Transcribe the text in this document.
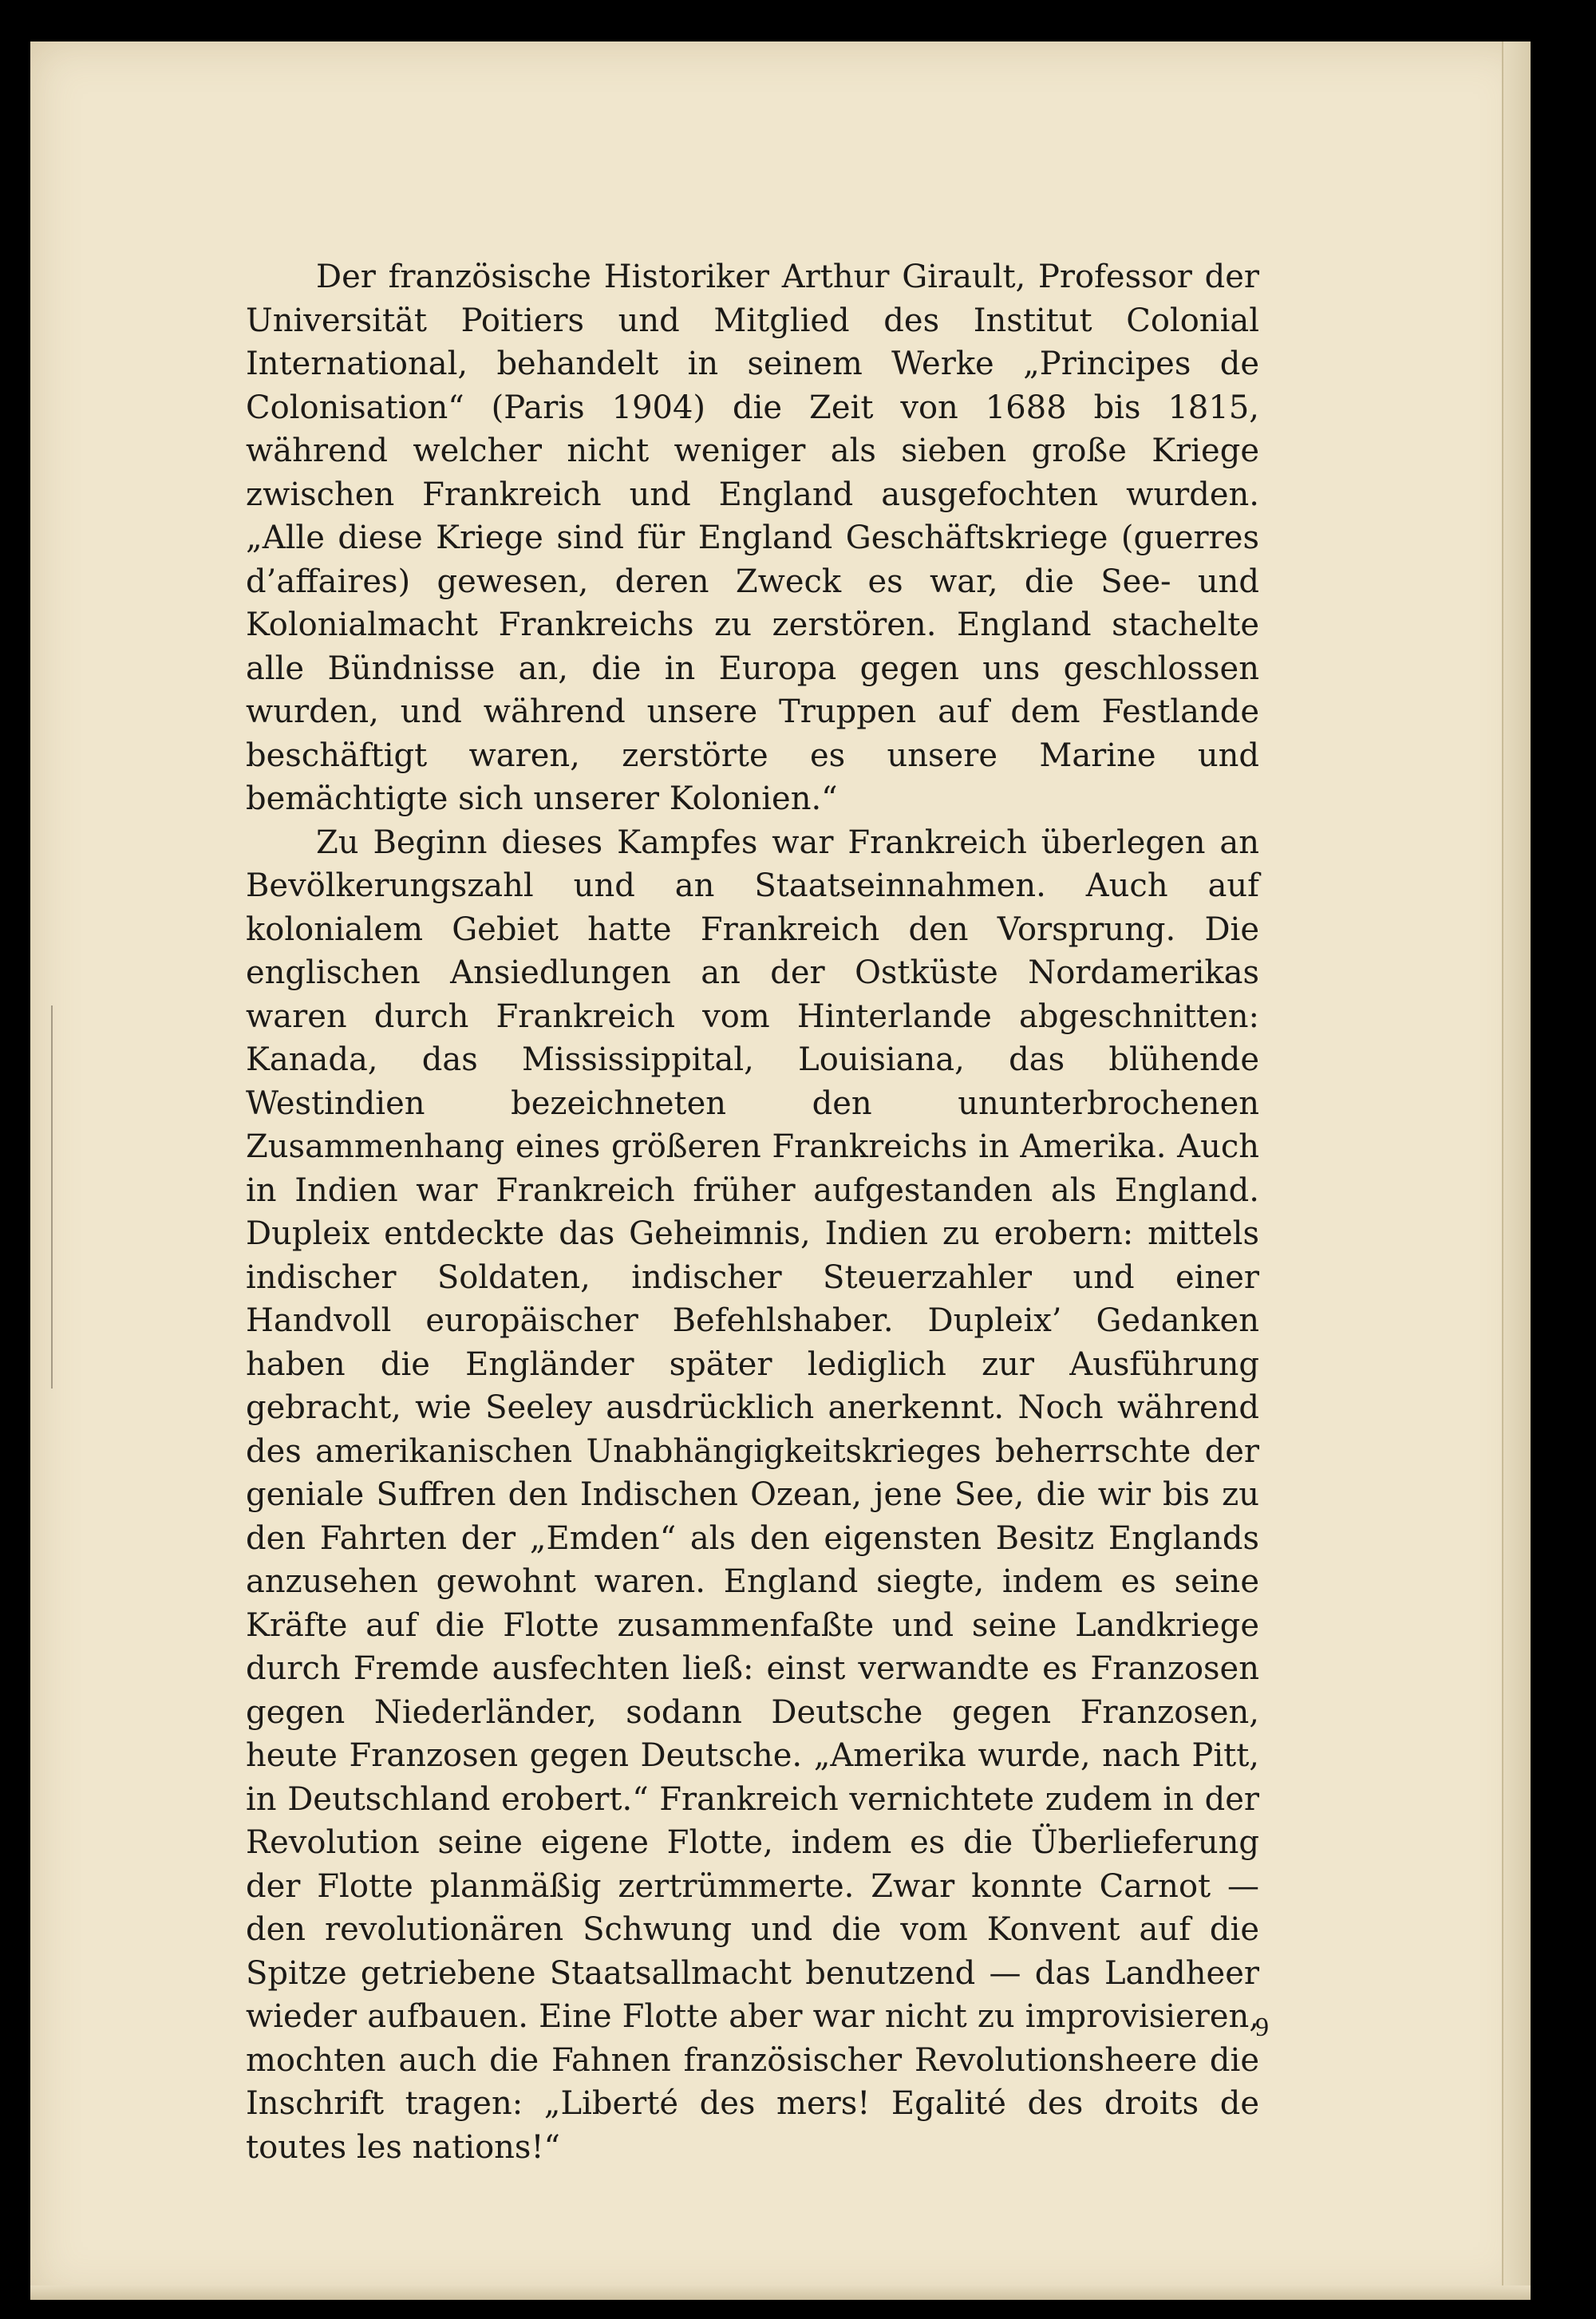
Der französische Historiker Arthur Girault, Professor der Universität Poitiers und Mitglied des Institut Colonial International, behandelt in seinem Werke „Principes de Colonisation“ (Paris 1904) die Zeit von 1688 bis 1815, während welcher nicht weniger als sieben große Kriege zwischen Frankreich und England ausgefochten wurden. „Alle diese Kriege sind für England Geschäftskriege (guerres d’affaires) gewesen, deren Zweck es war, die See- und Kolonialmacht Frankreichs zu zerstören. England stachelte alle Bündnisse an, die in Europa gegen uns geschlossen wurden, und während unsere Truppen auf dem Festlande beschäftigt waren, zerstörte es unsere Marine und bemächtigte sich unserer Kolonien.“

Zu Beginn dieses Kampfes war Frankreich überlegen an Bevölkerungszahl und an Staatseinnahmen. Auch auf kolonialem Gebiet hatte Frankreich den Vorsprung. Die englischen Ansiedlungen an der Ostküste Nordamerikas waren durch Frankreich vom Hinterlande abgeschnitten: Kanada, das Mississippital, Louisiana, das blühende Westindien bezeichneten den ununterbrochenen Zusammenhang eines größeren Frankreichs in Amerika. Auch in Indien war Frankreich früher aufgestanden als England. Dupleix entdeckte das Geheimnis, Indien zu erobern: mittels indischer Soldaten, indischer Steuerzahler und einer Handvoll europäischer Befehlshaber. Dupleix’ Gedanken haben die Engländer später lediglich zur Ausführung gebracht, wie Seeley ausdrücklich anerkennt. Noch während des amerikanischen Unabhängigkeitskrieges beherrschte der geniale Suffren den Indischen Ozean, jene See, die wir bis zu den Fahrten der „Emden“ als den eigensten Besitz Englands anzusehen gewohnt waren. England siegte, indem es seine Kräfte auf die Flotte zusammenfaßte und seine Landkriege durch Fremde ausfechten ließ: einst verwandte es Franzosen gegen Niederländer, sodann Deutsche gegen Franzosen, heute Franzosen gegen Deutsche. „Amerika wurde, nach Pitt, in Deutschland erobert.“ Frankreich vernichtete zudem in der Revolution seine eigene Flotte, indem es die Überlieferung der Flotte planmäßig zertrümmerte. Zwar konnte Carnot — den revolutionären Schwung und die vom Konvent auf die Spitze getriebene Staatsallmacht benutzend — das Landheer wieder aufbauen. Eine Flotte aber war nicht zu improvisieren, mochten auch die Fahnen französischer Revolutionsheere die Inschrift tragen: „Liberté des mers! Egalité des droits de toutes les nations!“

9
